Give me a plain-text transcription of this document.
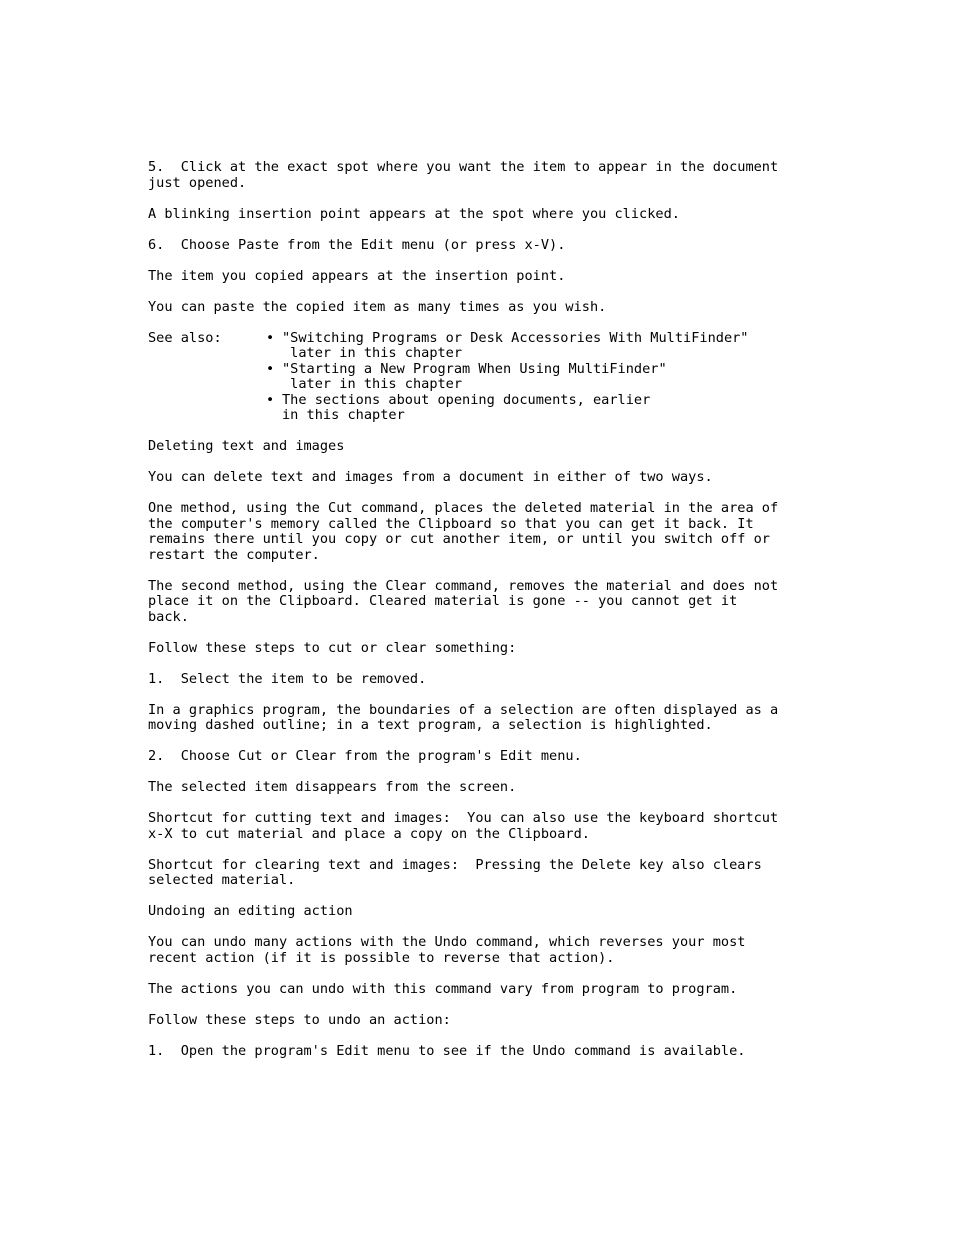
5.  Click at the exact spot where you want the item to appear in the document
just opened.

A blinking insertion point appears at the spot where you clicked.

6.  Choose Paste from the Edit menu (or press x-V).

The item you copied appears at the insertion point.

You can paste the copied item as many times as you wish.

See also:	• "Switching Programs or Desk Accessories With MultiFinder"
later in this chapter
• "Starting a New Program When Using MultiFinder"
later in this chapter
• The sections about opening documents, earlier
in this chapter

Deleting text and images

You can delete text and images from a document in either of two ways.

One method, using the Cut command, places the deleted material in the area of
the computer's memory called the Clipboard so that you can get it back. It
remains there until you copy or cut another item, or until you switch off or
restart the computer.

The second method, using the Clear command, removes the material and does not
place it on the Clipboard. Cleared material is gone -- you cannot get it
back.

Follow these steps to cut or clear something:

1.  Select the item to be removed.

In a graphics program, the boundaries of a selection are often displayed as a
moving dashed outline; in a text program, a selection is highlighted.

2.  Choose Cut or Clear from the program's Edit menu.

The selected item disappears from the screen.

Shortcut for cutting text and images:  You can also use the keyboard shortcut
x-X to cut material and place a copy on the Clipboard.

Shortcut for clearing text and images:  Pressing the Delete key also clears
selected material.

Undoing an editing action

You can undo many actions with the Undo command, which reverses your most
recent action (if it is possible to reverse that action).

The actions you can undo with this command vary from program to program.

Follow these steps to undo an action:

1.  Open the program's Edit menu to see if the Undo command is available.
